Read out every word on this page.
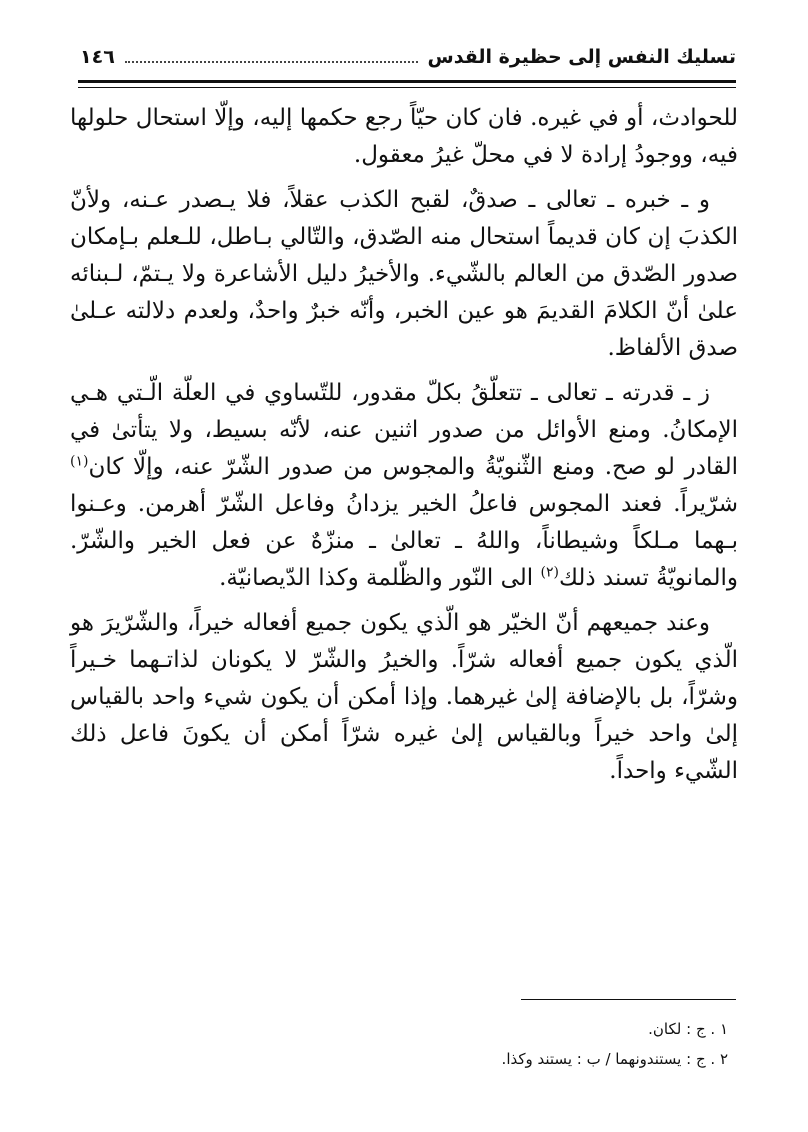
تسليك النفس إلى حظيرة القدس
١٤٦

للحوادث، أو في غيره. فان كان حيّاً رجع حكمها إليه، وإلّا استحال حلولها فيه، ووجودُ إرادة لا في محلّ غيرُ معقول.

و ـ خبره ـ تعالى ـ صدقٌ، لقبح الكذب عقلاً، فلا يـصدر عـنه، ولأنّ الكذبَ إن كان قديماً استحال منه الصّدق، والتّالي بـاطل، للـعلم بـإمكان صدور الصّدق من العالم بالشّيء. والأخيرُ دليل الأشاعرة ولا يـتمّ، لـبنائه علىٰ أنّ الكلامَ القديمَ هو عين الخبر، وأنّه خبرٌ واحدٌ، ولعدم دلالته عـلىٰ صدق الألفاظ.

ز ـ قدرته ـ تعالى ـ تتعلّقُ بكلّ مقدور، للتّساوي في العلّة الّـتي هـي الإمكانُ. ومنع الأوائل من صدور اثنين عنه، لأنّه بسيط، ولا يتأتىٰ في القادر لو صح. ومنع الثّنويّةُ والمجوس من صدور الشّرّ عنه، وإلّا كان$^{(١)}$ شرّيراً. فعند المجوس فاعلُ الخير يزدانُ وفاعل الشّرّ أهرمن. وعـنوا بـهما مـلكاً وشيطاناً، واللهُ ـ تعالىٰ ـ منزّهٌ عن فعل الخير والشّرّ. والمانويّةُ تسند ذلك$^{(٢)}$ الى النّور والظّلمة وكذا الدّيصانيّة.

وعند جميعهم أنّ الخيّر هو الّذي يكون جميع أفعاله خيراً، والشّرّيرَ هو الّذي يكون جميع أفعاله شرّاً. والخيرُ والشّرّ لا يكونان لذاتـهما خـيراً وشرّاً، بل بالإضافة إلىٰ غيرهما. وإذا أمكن أن يكون شيء واحد بالقياس إلىٰ واحد خيراً وبالقياس إلىٰ غيره شرّاً أمكن أن يكونَ فاعل ذلك الشّيء واحداً.

١ . ج : لكان.
٢ . ج : يستندونهما / ب : يستند وكذا.
